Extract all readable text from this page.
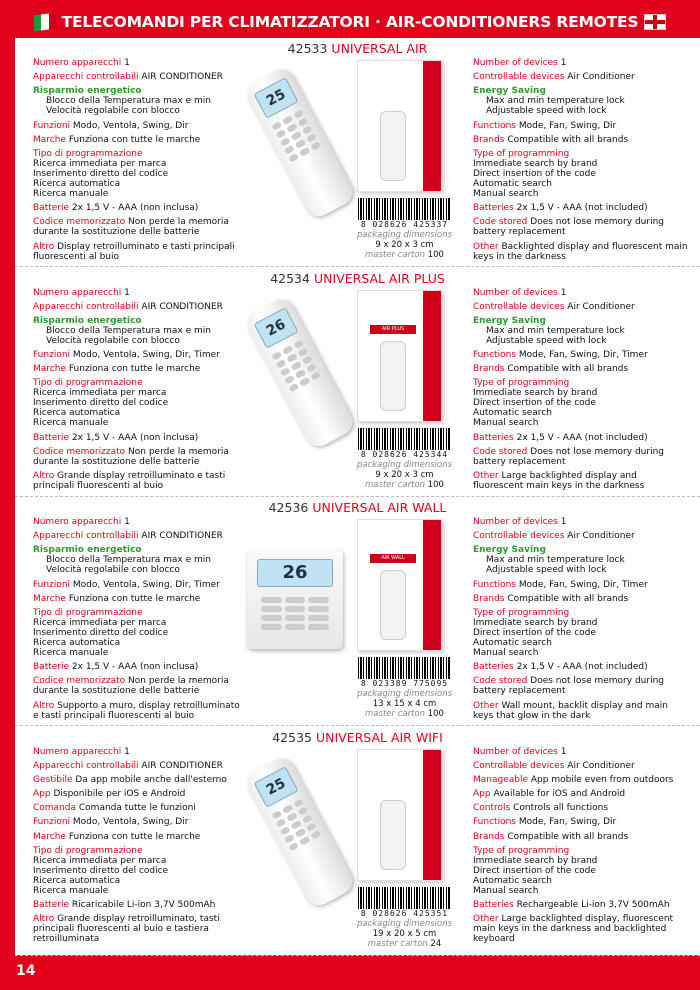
TELECOMANDI PER CLIMATIZZATORI · AIR-CONDITIONERS REMOTES
42533 UNIVERSAL AIR
Numero apparecchi 1
Apparecchi controllabili AIR CONDITIONER
Risparmio energetico
Blocco della Temperatura max e min
Velocità regolabile con blocco
Funzioni Modo, Ventola, Swing, Dir
Marche Funziona con tutte le marche
Tipo di programmazione
Ricerca immediata per marca
Inserimento diretto del codice
Ricerca automatica
Ricerca manuale
Batterie 2x 1,5 V - AAA (non inclusa)
Codice memorizzato Non perde la memoria durante la sostituzione delle batterie
Altro Display retroilluminato e tasti principali fluorescenti al buio
Number of devices 1
Controllable devices Air Conditioner
Energy Saving
Max and min temperature lock
Adjustable speed with lock
Functions Mode, Fan, Swing, Dir
Brands Compatible with all brands
Type of programming
Immediate search by brand
Direct insertion of the code
Automatic search
Manual search
Batteries 2x 1,5 V - AAA (not included)
Code stored Does not lose memory during battery replacement
Other Backlighted display and fluorescent main keys in the darkness
25
8 028626 425337
packaging dimensions
9 x 20 x 3 cm
master carton 100
42534 UNIVERSAL AIR PLUS
Numero apparecchi 1
Apparecchi controllabili AIR CONDITIONER
Risparmio energetico
Blocco della Temperatura max e min
Velocità regolabile con blocco
Funzioni Modo, Ventola, Swing, Dir, Timer
Marche Funziona con tutte le marche
Tipo di programmazione
Ricerca immediata per marca
Inserimento diretto del codice
Ricerca automatica
Ricerca manuale
Batterie 2x 1,5 V - AAA (non inclusa)
Codice memorizzato Non perde la memoria durante la sostituzione delle batterie
Altro Grande display retroilluminato e tasti principali fluorescenti al buio
Number of devices 1
Controllable devices Air Conditioner
Energy Saving
Max and min temperature lock
Adjustable speed with lock
Functions Mode, Fan, Swing, Dir, Timer
Brands Compatible with all brands
Type of programming
Immediate search by brand
Direct insertion of the code
Automatic search
Manual search
Batteries 2x 1,5 V - AAA (not included)
Code stored Does not lose memory during battery replacement
Other Large backlighted display and fluorescent main keys in the darkness
26	AIR PLUS
8 028626 425344
packaging dimensions
9 x 20 x 3 cm
master carton 100
42536 UNIVERSAL AIR WALL
Numero apparecchi 1
Apparecchi controllabili AIR CONDITIONER
Risparmio energetico
Blocco della Temperatura max e min
Velocità regolabile con blocco
Funzioni Modo, Ventola, Swing, Dir, Timer
Marche Funziona con tutte le marche
Tipo di programmazione
Ricerca immediata per marca
Inserimento diretto del codice
Ricerca automatica
Ricerca manuale
Batterie 2x 1,5 V - AAA (non inclusa)
Codice memorizzato Non perde la memoria durante la sostituzione delle batterie
Altro Supporto a muro, display retroilluminato e tasti principali fluorescenti al buio
Number of devices 1
Controllable devices Air Conditioner
Energy Saving
Max and min temperature lock
Adjustable speed with lock
Functions Mode, Fan, Swing, Dir, Timer
Brands Compatible with all brands
Type of programming
Immediate search by brand
Direct insertion of the code
Automatic search
Manual search
Batteries 2x 1,5 V - AAA (not included)
Code stored Does not lose memory during battery replacement
Other Wall mount, backlit display and main keys that glow in the dark
26
AIR WALL
8 023389 775095
packaging dimensions
13 x 15 x 4 cm
master carton 100
42535 UNIVERSAL AIR WIFI
Numero apparecchi 1
Apparecchi controllabili AIR CONDITIONER
Gestibile Da app mobile anche dall'esterno
App Disponibile per iOS e Android
Comanda Comanda tutte le funzioni
Funzioni Modo, Ventola, Swing, Dir
Marche Funziona con tutte le marche
Tipo di programmazione
Ricerca immediata per marca
Inserimento diretto del codice
Ricerca automatica
Ricerca manuale
Batterie Ricaricabile Li-ion 3,7V 500mAh
Altro Grande display retroilluminato, tasti principali fluorescenti al buio e tastiera retroilluminata
Number of devices 1
Controllable devices Air Conditioner
Manageable App mobile even from outdoors
App Available for iOS and Android
Controls Controls all functions
Functions Mode, Fan, Swing, Dir
Brands Compatible with all brands
Type of programming
Immediate search by brand
Direct insertion of the code
Automatic search
Manual search
Batteries Rechargeable Li-ion 3,7V 500mAh
Other Large backlighted display, fluorescent main keys in the darkness and backlighted keyboard
25
8 028626 425351
packaging dimensions
19 x 20 x 5 cm
master carton 24
14
